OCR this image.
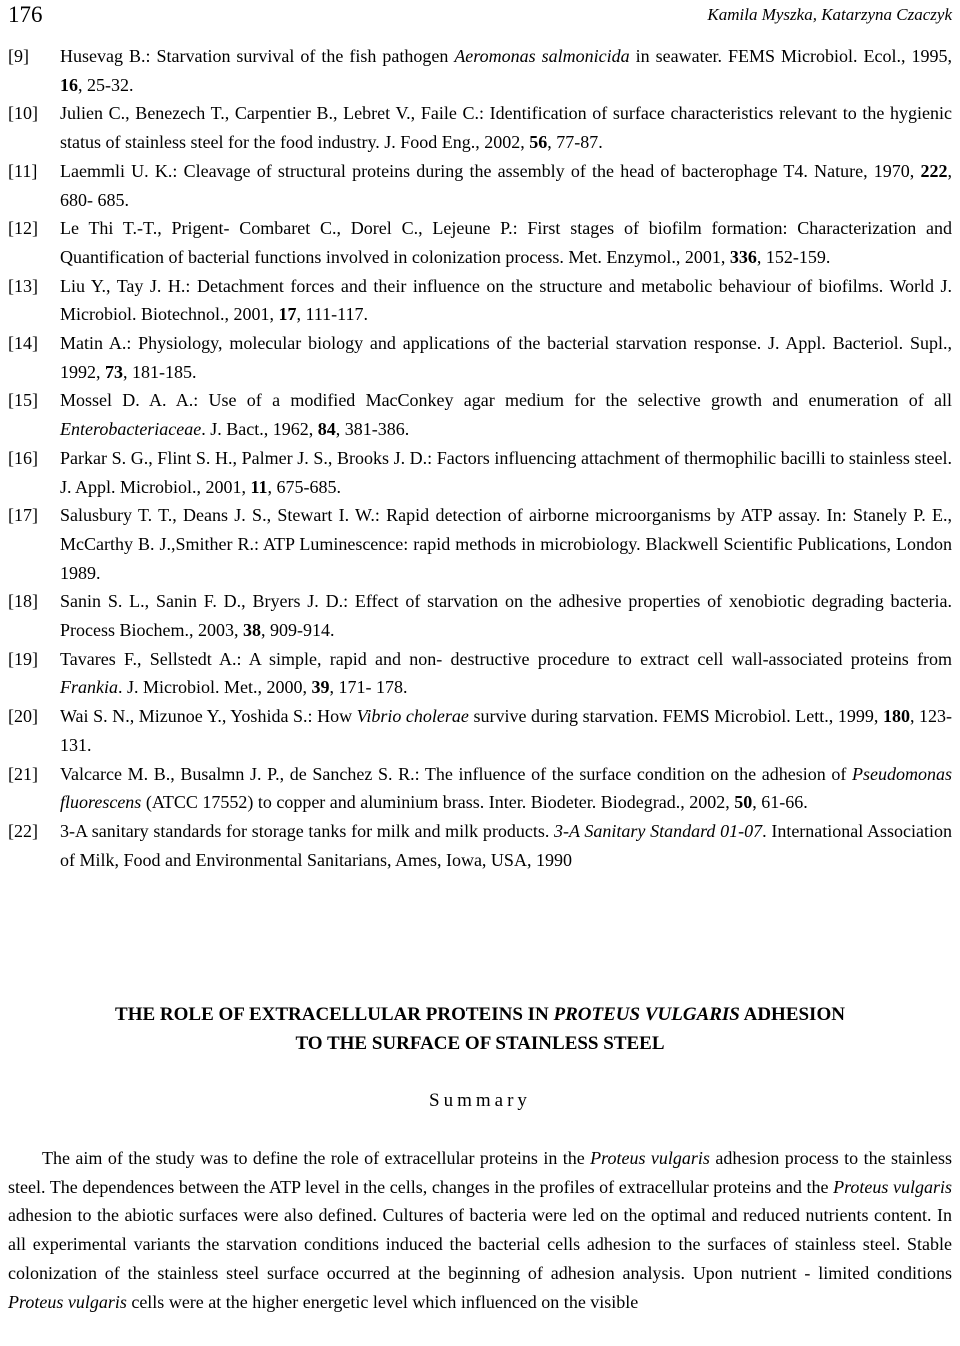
176	Kamila Myszka, Katarzyna Czaczyk
[9] Husevag B.: Starvation survival of the fish pathogen Aeromonas salmonicida in seawater. FEMS Microbiol. Ecol., 1995, 16, 25-32.
[10] Julien C., Benezech T., Carpentier B., Lebret V., Faile C.: Identification of surface characteristics relevant to the hygienic status of stainless steel for the food industry. J. Food Eng., 2002, 56, 77-87.
[11] Laemmli U. K.: Cleavage of structural proteins during the assembly of the head of bacterophage T4. Nature, 1970, 222, 680- 685.
[12] Le Thi T.-T., Prigent- Combaret C., Dorel C., Lejeune P.: First stages of biofilm formation: Characterization and Quantification of bacterial functions involved in colonization process. Met. Enzymol., 2001, 336, 152-159.
[13] Liu Y., Tay J. H.: Detachment forces and their influence on the structure and metabolic behaviour of biofilms. World J. Microbiol. Biotechnol., 2001, 17, 111-117.
[14] Matin A.: Physiology, molecular biology and applications of the bacterial starvation response. J. Appl. Bacteriol. Supl., 1992, 73, 181-185.
[15] Mossel D. A. A.: Use of a modified MacConkey agar medium for the selective growth and enumeration of all Enterobacteriaceae. J. Bact., 1962, 84, 381-386.
[16] Parkar S. G., Flint S. H., Palmer J. S., Brooks J. D.: Factors influencing attachment of thermophilic bacilli to stainless steel. J. Appl. Microbiol., 2001, 11, 675-685.
[17] Salusbury T. T., Deans J. S., Stewart I. W.: Rapid detection of airborne microorganisms by ATP assay. In: Stanely P. E., McCarthy B. J.,Smither R.: ATP Luminescence: rapid methods in microbiology. Blackwell Scientific Publications, London 1989.
[18] Sanin S. L., Sanin F. D., Bryers J. D.: Effect of starvation on the adhesive properties of xenobiotic degrading bacteria. Process Biochem., 2003, 38, 909-914.
[19] Tavares F., Sellstedt A.: A simple, rapid and non- destructive procedure to extract cell wall-associated proteins from Frankia. J. Microbiol. Met., 2000, 39, 171- 178.
[20] Wai S. N., Mizunoe Y., Yoshida S.: How Vibrio cholerae survive during starvation. FEMS Microbiol. Lett., 1999, 180, 123-131.
[21] Valcarce M. B., Busalmn J. P., de Sanchez S. R.: The influence of the surface condition on the adhesion of Pseudomonas fluorescens (ATCC 17552) to copper and aluminium brass. Inter. Biodeter. Biodegrad., 2002, 50, 61-66.
[22] 3-A sanitary standards for storage tanks for milk and milk products. 3-A Sanitary Standard 01-07. International Association of Milk, Food and Environmental Sanitarians, Ames, Iowa, USA, 1990
THE ROLE OF EXTRACELLULAR PROTEINS IN PROTEUS VULGARIS ADHESION
TO THE SURFACE OF STAINLESS STEEL
Summary

The aim of the study was to define the role of extracellular proteins in the Proteus vulgaris adhesion process to the stainless steel. The dependences between the ATP level in the cells, changes in the profiles of extracellular proteins and the Proteus vulgaris adhesion to the abiotic surfaces were also defined. Cultures of bacteria were led on the optimal and reduced nutrients content. In all experimental variants the starvation conditions induced the bacterial cells adhesion to the surfaces of stainless steel. Stable colonization of the stainless steel surface occurred at the beginning of adhesion analysis. Upon nutrient - limited conditions Proteus vulgaris cells were at the higher energetic level which influenced on the visible
